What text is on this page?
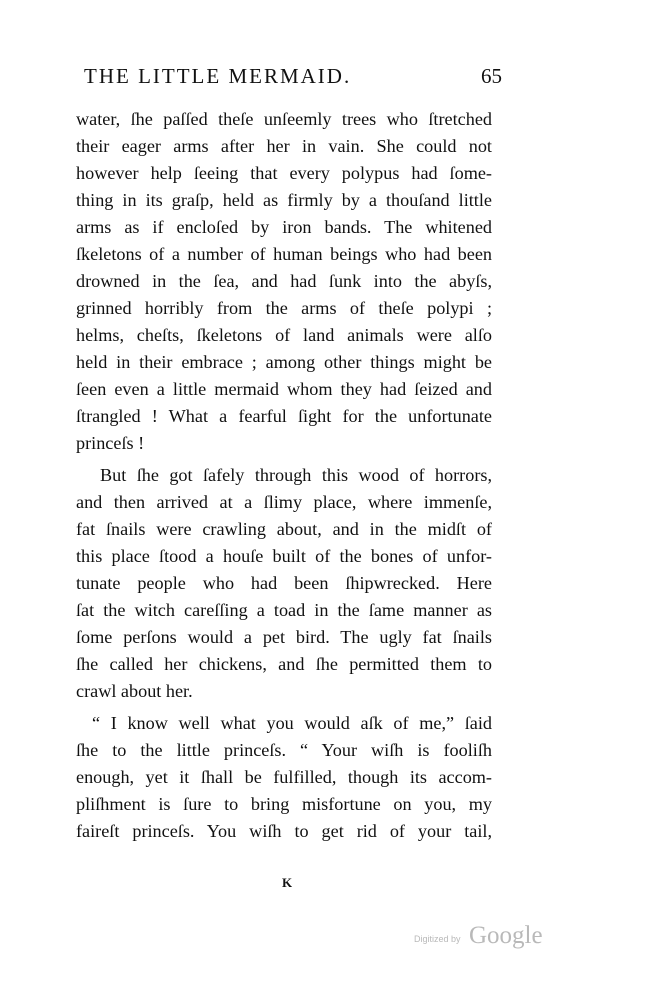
THE LITTLE MERMAID.	65
water, ſhe paſſed theſe unſeemly trees who ſtretched
their eager arms after her in vain. She could not
however help ſeeing that every polypus had ſome-
thing in its graſp, held as firmly by a thouſand little
arms as if encloſed by iron bands. The whitened
ſkeletons of a number of human beings who had been
drowned in the ſea, and had ſunk into the abyſs,
grinned horribly from the arms of theſe polypi ;
helms, cheſts, ſkeletons of land animals were alſo
held in their embrace ; among other things might be
ſeen even a little mermaid whom they had ſeized and
ſtrangled ! What a fearful ſight for the unfortunate
princeſs !
But ſhe got ſafely through this wood of horrors,
and then arrived at a ſlimy place, where immenſe,
fat ſnails were crawling about, and in the midſt of
this place ſtood a houſe built of the bones of unfor-
tunate people who had been ſhipwrecked. Here
ſat the witch careſſing a toad in the ſame manner as
ſome perſons would a pet bird. The ugly fat ſnails
ſhe called her chickens, and ſhe permitted them to
crawl about her.
“ I know well what you would aſk of me,” ſaid
ſhe to the little princeſs. “ Your wiſh is fooliſh
enough, yet it ſhall be fulfilled, though its accom-
pliſhment is ſure to bring misfortune on you, my
faireſt princeſs. You wiſh to get rid of your tail,
K
Digitized by Google
